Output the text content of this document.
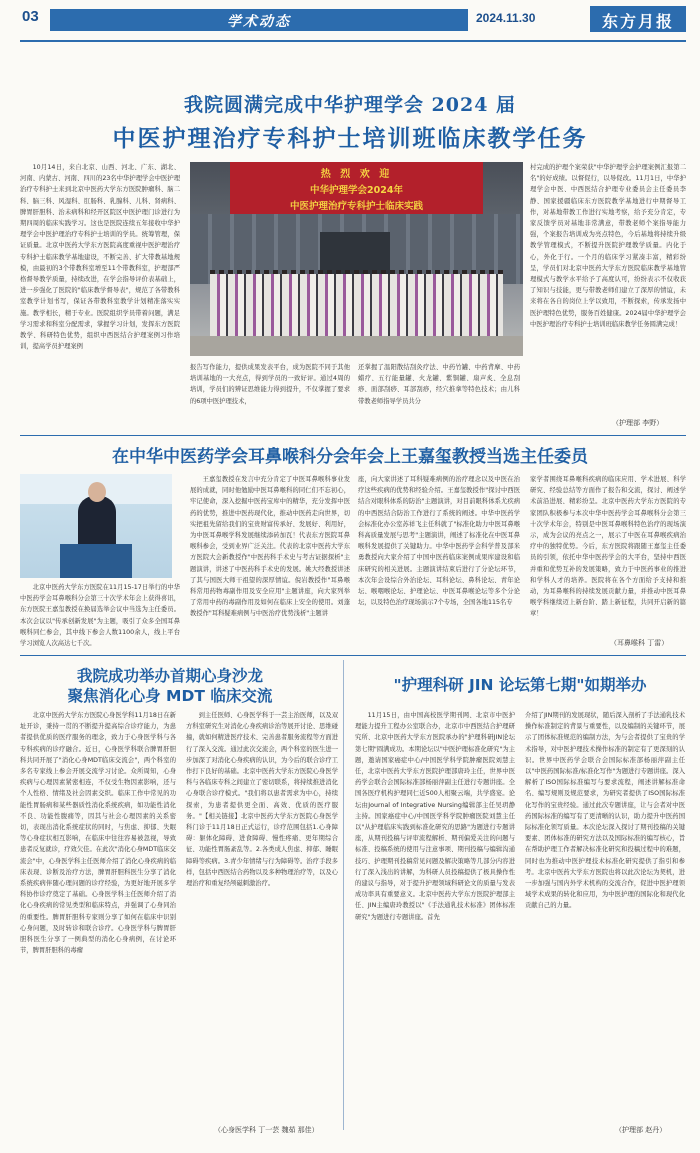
03	学术动态	2024.11.30	东方月报
我院圆满完成中华护理学会 2024 届
中医护理治疗专科护士培训班临床教学任务

10月14日，来自北京、山西、河北、广东、湖北、河南、内蒙古、河南、四川的23名中华护理学会中医护理治疗专科护士来到北京中医药大学东方医院肿瘤科、脑二科、脑三科、风湿科、肛肠科、乳腺科、儿科、肾病科、脾胃肝胆科、治未病科和经开区院区中医护理门诊进行为期四周的临床实践学习。这也是医院连续五年接收中华护理学会中医护理治疗专科护士培训的学员。统筹管理，保证质量。北京中医药大学东方医院高度重视中医护理治疗专科护士临床教学基地建设，不断完善、扩大带教基地规模，由最初的3个带教科室增至11个带教科室，护理部严格督导教学质量，持续改进，在学会指导评价表基础上，进一步强化了医院的"临床教学督导表"，规范了各带教科室教学计划书写，保证各带教科室教学计划精准落实实施。教学相长，精于专业。医院组织学员带着问题，满足学习需求和科室分配需求，掌握学习计划，发挥东方医院教学、科研特色优势，组织中西医结合护理案例习作培训，提高学员护理案例

热 烈 欢 迎
中华护理学会2024年
中医护理治疗专科护士临床实践

报告写作能力，提供成果发表平台，成为医院不同于其他培训基地的一大亮点，得到学员的一致好评。通过4周的培训，学员们的辨证思维能力得到提升，不仅掌握了要求的6项中医护理技术，

还掌握了温阳散结刮灸疗法、中药竹罐、中药背摩、中药蜡疗、五行能量罐、火龙罐、紫铜罐、扇声炙、全息刮痧、面部刮痧、耳部刮痧，经穴推拿等特色技术；由儿科带教老师指导学员共分

村完成的护理个案荣获"中华护理学会护理案例汇报第二名"的好成绩。以督促行，以导促改。11月1日，中华护理学会中医、中西医结合护理专业委员会主任委员李静、国家援疆临床东方医院教学基地进行中期督导工作，对基地带教工作进行实地考察，给予充分肯定，专家反馈学员对基地非常满意，带教老师个案指导能力强，个案报告培训成为亮点特色，今后基地将持续升级教学管理模式，不断提升医院护理教学质量。内化于心，外化于行。一个月的临床学习紧凑丰富，精彩纷呈，学员们对北京中医药大学东方医院临床教学基地管理模式与教学水平给予了高度认可，纷纷表示不仅收获了知识与技能，更与带教老师们建立了深厚的情谊，未来将在各自的岗位上学以致用，不断探索，传承发扬中医护理特色优势，服务百姓健康。2024届中华护理学会中医护理治疗专科护士培训班临床教学任务圆满完成！

（护理部 李野）
在中华中医药学会耳鼻喉科分会年会上王嘉玺教授当选主任委员

北京中医药大学东方医院在11月15-17日举行的中华中医药学会耳鼻喉科分会第三十次学术年会上获得喜讯，东方医院王嘉玺教授在换届选举会议中当选为主任委员。本次会议以"传承创新发展"为主题，吸引了众多全国耳鼻喉科同仁参会，其中线下参会人数1100余人，线上平台学习浏览人次高达七千次。

王嘉玺教授在发言中充分肯定了中医耳鼻喉科事业发展的成就，同时他勉励中医耳鼻喉科的同仁们不忘初心，牢记使命，深入挖掘中医药宝库中的精华，充分发挥中医药的优势，推进中医药现代化，推动中医药走向世界，切实把祖先留给我们的宝贵财富传承好、发展好、利用好，为中医耳鼻喉学科发展继续添砖加瓦！代表东方医院耳鼻喉科参会，受到业界广泛关注。代表的北京中医药大学东方医院大会新教授作"中医药科手术史与考古证据探析"主题演讲，讲述了中医药科手术史的发展。姚大经教授讲述了其与国医大师干祖望的深厚情谊。倪岩教授作"耳鼻喉科常用药物毒副作用及安全应用"主题讲座，向大家列举了常用中药的毒副作用及如何在临床上安全的使用。刘蓬教授作"耳科疑难病例与中医治疗优势浅析"主题讲

座，向大家讲述了耳科疑难病例的治疗理念以及中医在治疗这些疾病的优势和经验介绍。王嘉玺教授作"探讨中西医结合对眼科体系的防治"主题演讲，对目前眼科体系尤疾病的中西医结合防治工作进行了系统的阐述。中华中医药学会标准化办公室苏祥飞主任科就了"标准化助力中医耳鼻喉科高质量发展与思考"主题演讲，阐述了标准化在中医耳鼻喉科发展提供了关键助力。中华中医药学会科学普及部米勇教授向大家介绍了中国中医药临床案例成果库建设和临床研究的相关进展。主题演讲结束后进行了分论坛环节，本次年会设综合外治论坛、耳科论坛、鼻科论坛、青年论坛、喉咽喉论坛、护理论坛、中医耳鼻喉论坛等多个分论坛，以及特色治疗现场演示7个专场，全国各地115名专

家学者围绕耳鼻喉科疾病的临床应用、学术进展、科学研究、经验总结等方面作了报告和交流，探讨、阐述学术前沿进展、精彩纷呈。北京中医药大学东方医院的专家团队积极参与本次中华中医药学会耳鼻喉科分会第三十次学术年会，特别是中医耳鼻喉科特色治疗的现场演示，成为会议的亮点之一，展示了中医在耳鼻喉疾病治疗中的独特优势。今后，东方医院将跟随王嘉玺主任委员的引领，依托中华中医药学会的大平台，坚持中西医并重和优势互补的发展策略，致力于中医药事业的推进和学科人才的培养。医院将在各个方面给予支持和推动，为耳鼻喉科的持续发展贡献力量，并推动中医耳鼻喉学科继续迈上新台阶、踏上新征程，共同开启新的篇章！

（耳鼻喉科 丁雷）
我院成功举办首期心身沙龙
聚焦消化心身 MDT 临床交流

北京中医药大学东方医院心身医学科11月18日在新址开诊，秉持一贯的不断提升提高综合诊疗能力，为患者提供优质的医疗服务的理念，致力于心身医学科与各专科疾病的诊疗融合。近日，心身医学科联合脾胃肝胆科共同开展了"消化心身MDT临床交流会"，两个科室的多名专家线上参会开展交流学习讨论。众所周知，心身疾病与心理因素紧密相连，不仅受生物因素影响，还与个人性格、情绪及社会因素交织。临床工作中常见的功能性胃肠病和某些器质性消化系统疾病，如功能性消化不良、功能性腹痛等，因其与社会心理因素的关系密切，表现出消化系统症状的同时，与焦虑、抑郁、失眠等心身症状相互影响，在临床中往往容易被忽视，导致患者反复就诊，疗效欠佳。在此次"消化心身MDT临床交流会"中，心身医学科主任医师介绍了消化心身疾病的临床表现、诊断及治疗方法，脾胃肝胆科医生分享了消化系统疾病伴随心理问题的诊疗经验，为更好地开展多学科协作诊疗奠定了基础。心身医学科主任医师介绍了消化心身疾病的常见类型和临床特点，并强调了心身同治的重要性。脾胃肝胆科专家则分享了如何在临床中识别心身问题，及时转诊和联合诊疗。心身医学科与脾胃肝胆科医生分享了一例典型的消化心身病例，在讨论环节，脾胃肝胆科的毒瘤

到主任医师、心身医学科于一芸主治医师，以及双方科室研究生对消化心身疾病诊治等展开讨论、思维碰撞，就如何精进医疗技术、完善患者服务流程等方面进行了深入交流。通过此次交流会，两个科室的医生进一步加深了对消化心身疾病的认识，为今后的联合诊疗工作打下良好的基础。北京中医药大学东方医院心身医学科与各临床专科之间建立了密切联系，将持续推进消化心身联合诊疗模式。"我们将以患者需求为中心，持续探索，为患者提供更全面、高效、优质的医疗服务。"【相关链接】北京中医药大学东方医院心身医学科门诊于11月18日正式运行，诊疗范围包括1.心身障碍：躯体化障碍、进食障碍、慢性疼痛、更年期综合征、功能性胃肠紊乱等。2.各类成人焦虑、抑郁、睡眠障碍等疾病。3.青少年情绪与行为障碍等。治疗手段多样，包括中西医结合药物以及多种物理治疗等，以及心理治疗和重复经颅磁刺激治疗。

（心身医学科 丁一芸 魏茹 那佳）
"护理科研 JIN 论坛第七期"如期举办

11月15日，由中国高校医学期刊网、北京市中医护理能力提升工程办公室联合办，北京市中西医结合护理研究所、北京中医药大学东方医院承办的"护理科研JIN论坛第七期"圆满成功。本期论坛以"中医护理标准化研究"为主题，邀请国家癌症中心/中国医学科学院肿瘤医院刘慧主任，北京中医药大学东方医院护理部唐玲主任，世界中医药学会联合会国际标准部杨丽萍副主任进行专题讲座。全国各医疗机构护理同仁近500人相聚云端，共学盛宴。论坛由Journal of Integrative Nursing编辑部主任吴玥静主持。国家癌症中心/中国医学科学院肿瘤医院刘慧主任以"从护理临床实践到标准化研究的思路"为题进行专题讲座，从期刊投稿与评审流程解析、期刊偏爱关注的问题与标准、投稿系统的使用与注意事项、期刊投稿与编辑沟通技巧、护理期刊投稿常见问题及解决策略等几部分内容进行了深入浅出的讲解，为科研人员投稿提供了极具操作性的建议与指导，对于提升护理领域科研论文的质量与发表成功率具有重要意义。北京中医药大学东方医院护理部主任、JIN主编唐玲教授以"《手法通乳技术标准》团体标准研究"为题进行专题讲座。首先

介绍了JIN期刊的发展现状，随后深入剖析了手法通乳技术操作标准制定的背景与重要性，以及编制的关键环节，展示了团体标准规范的编制方法，为与会者提供了宝贵的学术指导，对中医护理技术操作标准的制定有了更深刻的认识。世界中医药学会联合会国际标准部杨丽萍副主任以"中医药国际标准/标准化写作"为题进行专题讲座。深入解析了ISO国际标准编写与要求流程，阐述讲解标准命名、编写规则及规范要求，为研究者提供了ISO国际标准化写作的宝贵经验。通过此次专题讲座，让与会者对中医药国际标准的编写有了更清晰的认识，助力提升中医药国际标准化领写质量。本次论坛深入探讨了期刊投稿的关键要素、团体标准的研究方法以及国际标准的编写核心，旨在帮助护理工作者解决标准化研究和投稿过程中的难题，同时也为推动中医护理技术标准化研究提供了指引和参考。北京中医药大学东方医院也将以此次论坛为契机，进一步加强与国内外学术机构的交流合作，促进中医护理领域学术成果的转化和应用，为中医护理的国际化和现代化贡献自己的力量。

（护理部 赵丹）
